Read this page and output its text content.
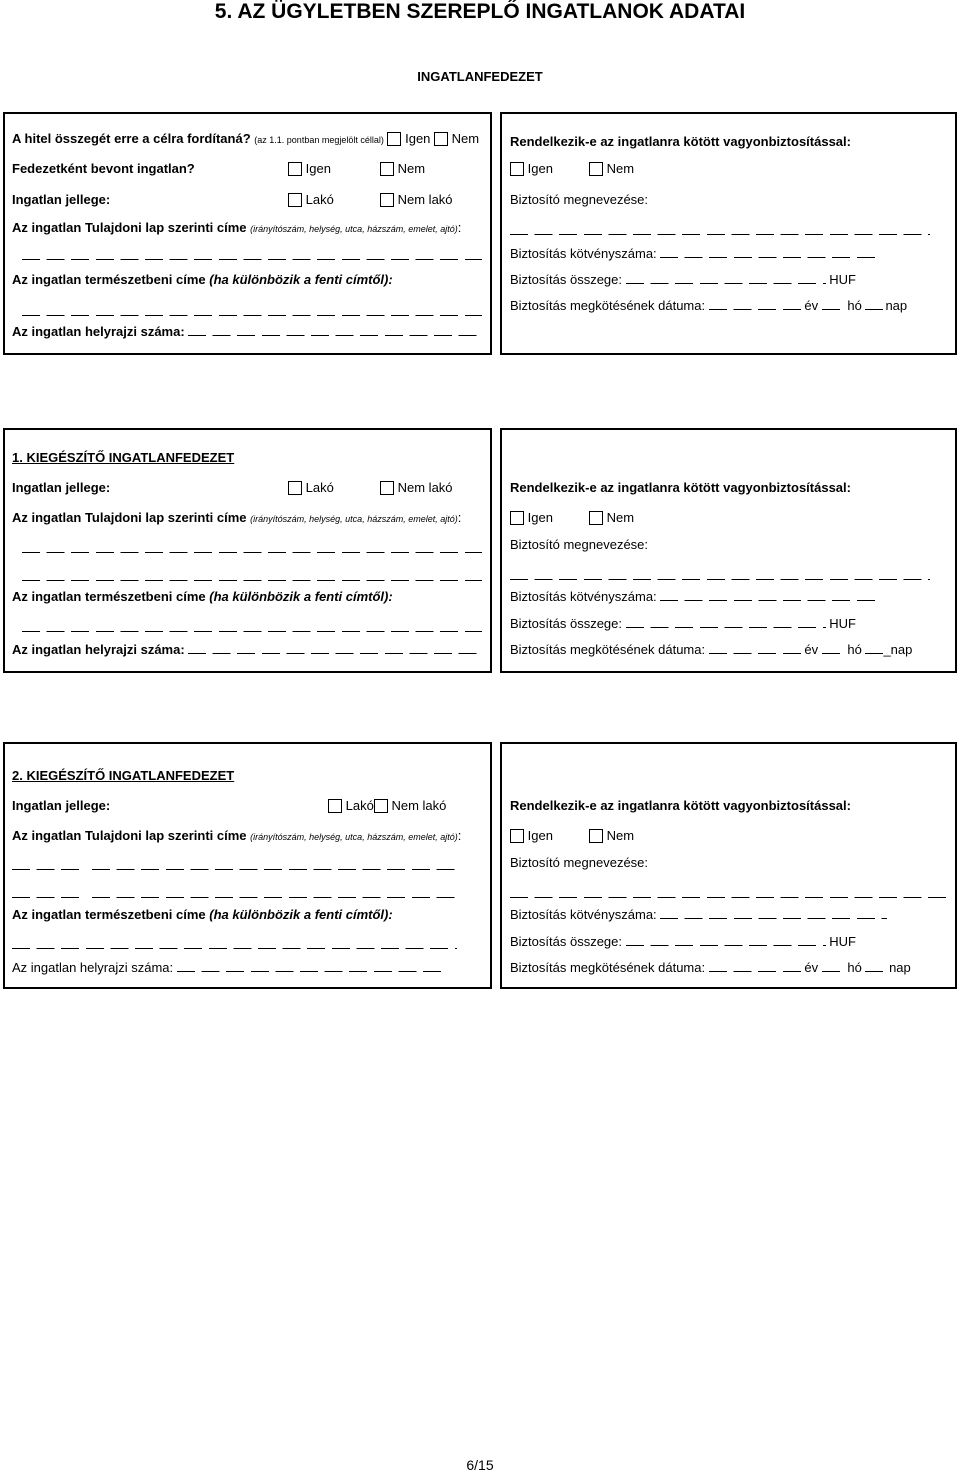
5. AZ ÜGYLETBEN SZEREPLŐ INGATLANOK ADATAI
INGATLANFEDEZET
A hitel összegét erre a célra fordítaná? (az 1.1. pontban megjelölt céllal) Igen Nem
Fedezetként bevont ingatlan?	Igen	Nem
Ingatlan jellege:	Lakó	Nem lakó
Az ingatlan Tulajdoni lap szerinti címe (irányítószám, helység, utca, házszám, emelet, ajtó):
Az ingatlan természetbeni címe (ha különbözik a fenti címtől):
Az ingatlan helyrajzi száma:
Rendelkezik-e az ingatlanra kötött vagyonbiztosítással:
Igen	Nem
Biztosító megnevezése:
Biztosítás kötvényszáma:
Biztosítás összege:	HUF
Biztosítás megkötésének dátuma:	év hó nap
1. KIEGÉSZÍTŐ INGATLANFEDEZET
Ingatlan jellege:	Lakó	Nem lakó
Az ingatlan Tulajdoni lap szerinti címe (irányítószám, helység, utca, házszám, emelet, ajtó):
Az ingatlan természetbeni címe (ha különbözik a fenti címtől):
Az ingatlan helyrajzi száma:
Rendelkezik-e az ingatlanra kötött vagyonbiztosítással:
Igen	Nem
Biztosító megnevezése:
Biztosítás kötvényszáma:
Biztosítás összege:	HUF
Biztosítás megkötésének dátuma:	év hó _nap
2. KIEGÉSZÍTŐ INGATLANFEDEZET
Ingatlan jellege:	Lakó Nem lakó
Az ingatlan Tulajdoni lap szerinti címe (irányítószám, helység, utca, házszám, emelet, ajtó):

Az ingatlan természetbeni címe (ha különbözik a fenti címtől):
Az ingatlan helyrajzi száma:
Rendelkezik-e az ingatlanra kötött vagyonbiztosítással:
Igen	Nem
Biztosító megnevezése:
Biztosítás kötvényszáma:
Biztosítás összege:	HUF
Biztosítás megkötésének dátuma:	év hó nap
6/15
